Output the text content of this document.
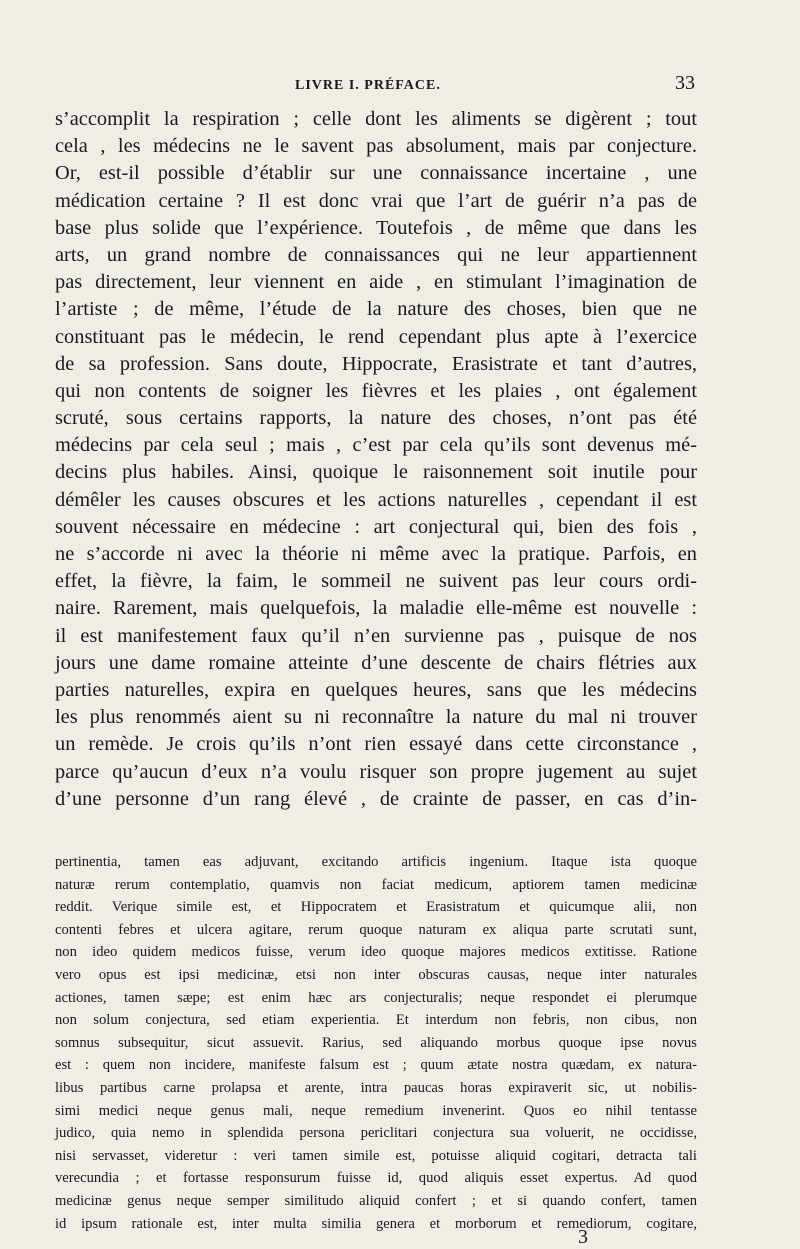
LIVRE I. PRÉFACE.	33
s’accomplit la respiration ; celle dont les aliments se digèrent ; tout
cela , les médecins ne le savent pas absolument, mais par conjecture.
Or, est-il possible d’établir sur une connaissance incertaine , une
médication certaine ? Il est donc vrai que l’art de guérir n’a pas de
base plus solide que l’expérience. Toutefois , de même que dans les
arts, un grand nombre de connaissances qui ne leur appartiennent
pas directement, leur viennent en aide , en stimulant l’imagination de
l’artiste ; de même, l’étude de la nature des choses, bien que ne
constituant pas le médecin, le rend cependant plus apte à l’exercice
de sa profession. Sans doute, Hippocrate, Erasistrate et tant d’autres,
qui non contents de soigner les fièvres et les plaies , ont également
scruté, sous certains rapports, la nature des choses, n’ont pas été
médecins par cela seul ; mais , c’est par cela qu’ils sont devenus mé-
decins plus habiles. Ainsi, quoique le raisonnement soit inutile pour
démêler les causes obscures et les actions naturelles , cependant il est
souvent nécessaire en médecine : art conjectural qui, bien des fois ,
ne s’accorde ni avec la théorie ni même avec la pratique. Parfois, en
effet, la fièvre, la faim, le sommeil ne suivent pas leur cours ordi-
naire. Rarement, mais quelquefois, la maladie elle-même est nouvelle :
il est manifestement faux qu’il n’en survienne pas , puisque de nos
jours une dame romaine atteinte d’une descente de chairs flétries aux
parties naturelles, expira en quelques heures, sans que les médecins
les plus renommés aient su ni reconnaître la nature du mal ni trouver
un remède. Je crois qu’ils n’ont rien essayé dans cette circonstance ,
parce qu’aucun d’eux n’a voulu risquer son propre jugement au sujet
d’une personne d’un rang élevé , de crainte de passer, en cas d’in-
pertinentia, tamen eas adjuvant, excitando artificis ingenium. Itaque ista quoque
naturæ rerum contemplatio, quamvis non faciat medicum, aptiorem tamen medicinæ
reddit. Verique simile est, et Hippocratem et Erasistratum et quicumque alii, non
contenti febres et ulcera agitare, rerum quoque naturam ex aliqua parte scrutati sunt,
non ideo quidem medicos fuisse, verum ideo quoque majores medicos extitisse. Ratione
vero opus est ipsi medicinæ, etsi non inter obscuras causas, neque inter naturales
actiones, tamen sæpe; est enim hæc ars conjecturalis; neque respondet ei plerumque
non solum conjectura, sed etiam experientia. Et interdum non febris, non cibus, non
somnus subsequitur, sicut assuevit. Rarius, sed aliquando morbus quoque ipse novus
est : quem non incidere, manifeste falsum est ; quum ætate nostra quædam, ex natura-
libus partibus carne prolapsa et arente, intra paucas horas expiraverit sic, ut nobilis-
simi medici neque genus mali, neque remedium invenerint. Quos eo nihil tentasse
judico, quia nemo in splendida persona periclitari conjectura sua voluerit, ne occidisse,
nisi servasset, videretur : veri tamen simile est, potuisse aliquid cogitari, detracta tali
verecundia ; et fortasse responsurum fuisse id, quod aliquis esset expertus. Ad quod
medicinæ genus neque semper similitudo aliquid confert ; et si quando confert, tamen
id ipsum rationale est, inter multa similia genera et morborum et remediorum, cogitare,
3
